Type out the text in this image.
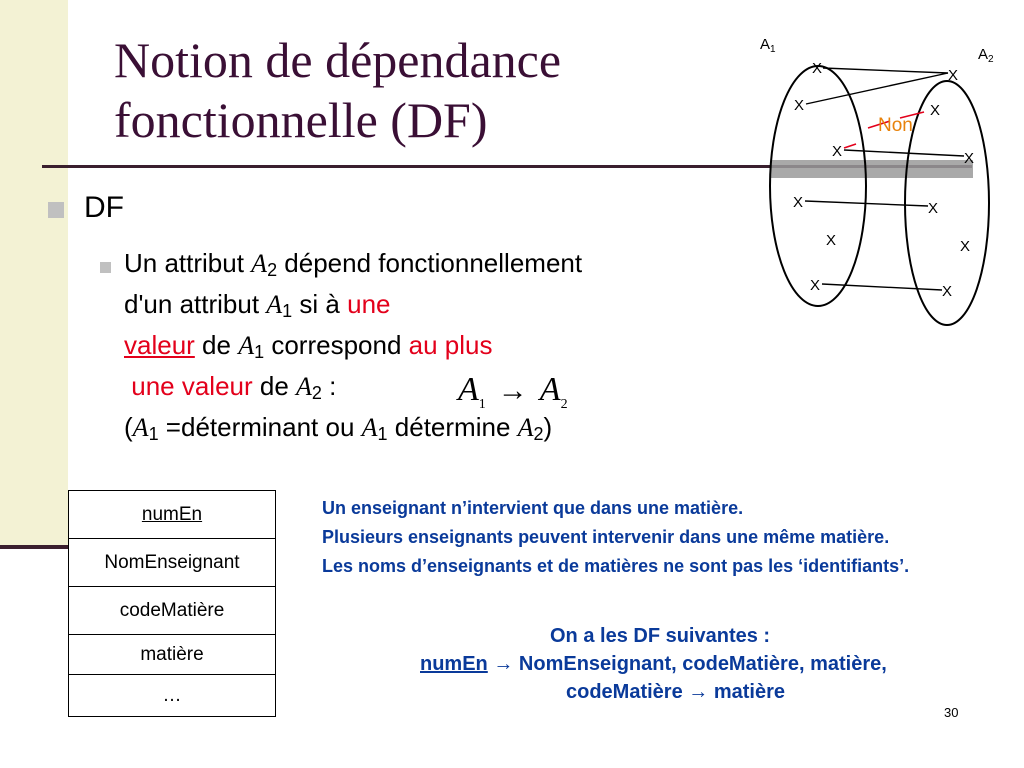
Notion de dépendance
fonctionnelle (DF)
DF
Un attribut $A_2$ dépend fonctionnellement
d'un attribut $A_1$ si à une
valeur de $A_1$ correspond au plus
une valeur de $A_2$ :
($A_1$ =déterminant ou $A_1$ détermine $A_2$)
$A_1 \to A_2$
numEn

NomEnseignant

codeMatière

matière

…

Un enseignant n’intervient que dans une matière.

Plusieurs enseignants peuvent intervenir dans une même matière.

Les noms d’enseignants et de matières ne sont pas les ‘identifiants’.

On a les DF suivantes :

numEn → NomEnseignant, codeMatière, matière,

codeMatière → matière

30
$A_1$	$A_2$
X
X
X
X
X
X
X
X
X
X
X
X
Non
